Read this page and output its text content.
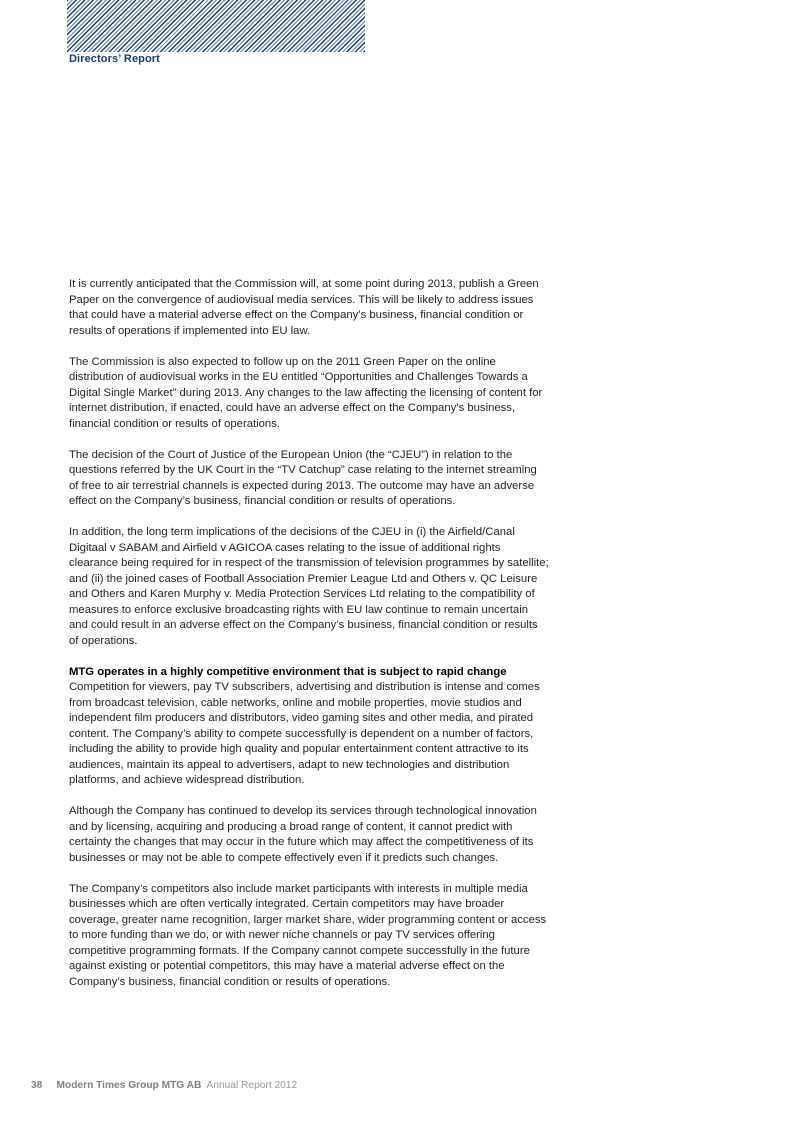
Directors’ Report

It is currently anticipated that the Commission will, at some point during 2013, publish a Green Paper on the convergence of audiovisual media services. This will be likely to address issues that could have a material adverse effect on the Company’s business, financial condition or results of operations if implemented into EU law.

The Commission is also expected to follow up on the 2011 Green Paper on the online distribution of audiovisual works in the EU entitled “Opportunities and Challenges Towards a Digital Single Market” during 2013. Any changes to the law affecting the licensing of content for internet distribution, if enacted, could have an adverse effect on the Company’s business, financial condition or results of operations.

The decision of the Court of Justice of the European Union (the “CJEU”) in relation to the questions referred by the UK Court in the “TV Catchup” case relating to the internet streaming of free to air terrestrial channels is expected during 2013. The outcome may have an adverse effect on the Company’s business, financial condition or results of operations.

In addition, the long term implications of the decisions of the CJEU in (i) the Airfield/Canal Digitaal v SABAM and Airfield v AGICOA cases relating to the issue of additional rights clearance being required for in respect of the transmission of television programmes by satellite; and (ii) the joined cases of Football Association Premier League Ltd and Others v. QC Leisure and Others and Karen Murphy v. Media Protection Services Ltd relating to the compatibility of measures to enforce exclusive broadcasting rights with EU law continue to remain uncertain and could result in an adverse effect on the Company’s business, financial condition or results of operations.

MTG operates in a highly competitive environment that is subject to rapid change
Competition for viewers, pay TV subscribers, advertising and distribution is intense and comes from broadcast television, cable networks, online and mobile properties, movie studios and independent film producers and distributors, video gaming sites and other media, and pirated content. The Company’s ability to compete successfully is dependent on a number of factors, including the ability to provide high quality and popular entertainment content attractive to its audiences, maintain its appeal to advertisers, adapt to new technologies and distribution platforms, and achieve widespread distribution.

Although the Company has continued to develop its services through technological innovation and by licensing, acquiring and producing a broad range of content, it cannot predict with certainty the changes that may occur in the future which may affect the competitiveness of its businesses or may not be able to compete effectively even if it predicts such changes.

The Company’s competitors also include market participants with interests in multiple media businesses which are often vertically integrated. Certain competitors may have broader coverage, greater name recognition, larger market share, wider programming content or access to more funding than we do, or with newer niche channels or pay TV services offering competitive programming formats. If the Company cannot compete successfully in the future against existing or potential competitors, this may have a material adverse effect on the Company’s business, financial condition or results of operations.

38 Modern Times Group MTG AB Annual Report 2012
